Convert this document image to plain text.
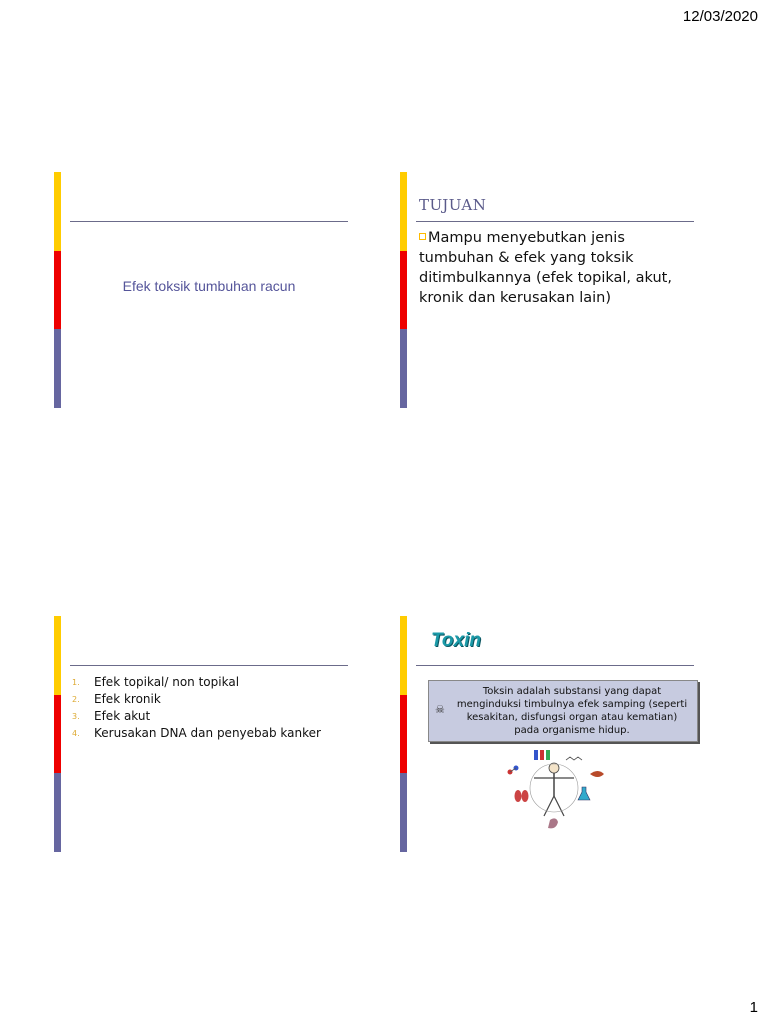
12/03/2020
Efek toksik tumbuhan racun
TUJUAN
Mampu menyebutkan jenis tumbuhan & efek yang toksik ditimbulkannya (efek topikal, akut, kronik dan kerusakan lain)
1. Efek topikal/ non topikal
2. Efek kronik
3. Efek akut
4. Kerusakan DNA dan penyebab kanker
Toxin
☠
Toksin adalah substansi yang dapat menginduksi timbulnya efek samping (seperti kesakitan, disfungsi organ atau kematian) pada organisme hidup.
1
